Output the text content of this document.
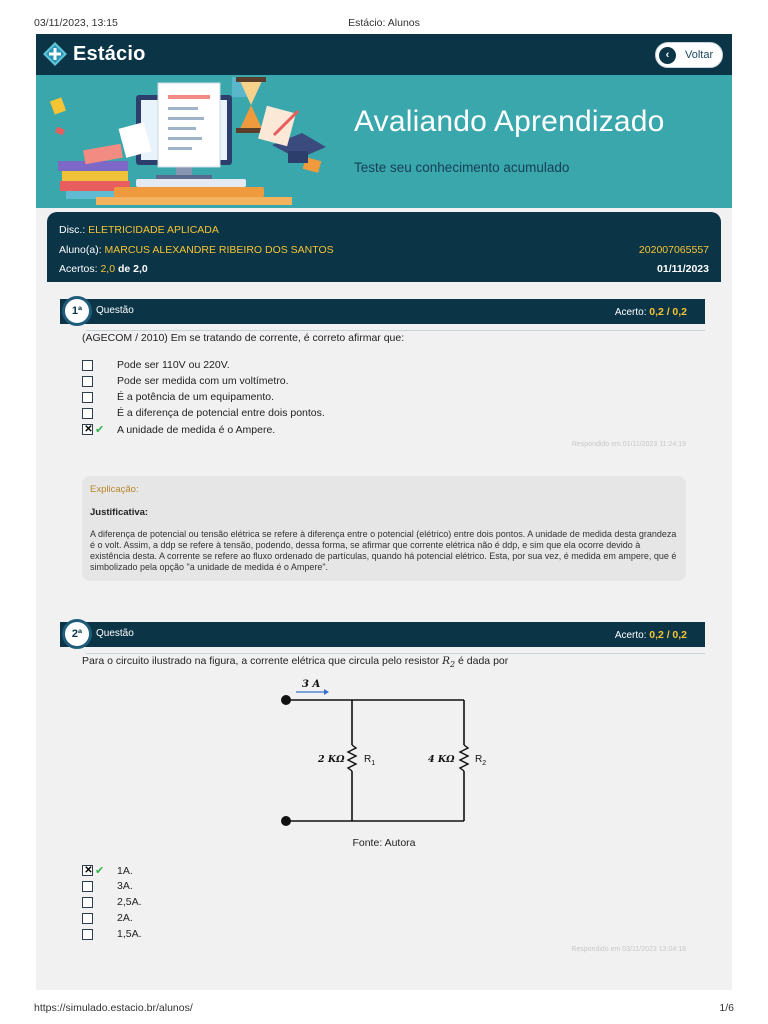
03/11/2023, 13:15	Estácio: Alunos
Estácio	‹	Voltar
Avaliando Aprendizado
Teste seu conhecimento acumulado
Disc.: ELETRICIDADE APLICADA
Aluno(a): MARCUS ALEXANDRE RIBEIRO DOS SANTOS	202007065557
Acertos: 2,0 de 2,0	01/11/2023
Questão	Acerto: 0,2 / 0,2
1ª
(AGECOM / 2010) Em se tratando de corrente, é correto afirmar que:
Pode ser 110V ou 220V.
Pode ser medida com um voltímetro.
É a potência de um equipamento.
É a diferença de potencial entre dois pontos.
✕
✔ A unidade de medida é o Ampere.
Respondido em 01/11/2023 11:24:19
Explicação:
Justificativa:
A diferença de potencial ou tensão elétrica se refere à diferença entre o potencial (elétrico) entre dois pontos. A unidade de medida desta grandeza é o volt. Assim, a ddp se refere à tensão, podendo, dessa forma, se afirmar que corrente elétrica não é ddp, e sim que ela ocorre devido à existência desta. A corrente se refere ao fluxo ordenado de partículas, quando há potencial elétrico. Esta, por sua vez, é medida em ampere, que é simbolizado pela opção "a unidade de medida é o Ampere".
Questão	Acerto: 0,2 / 0,2
2ª
Para o circuito ilustrado na figura, a corrente elétrica que circula pelo resistor $R_2$ é dada por
3 A
2 KΩ $R_1$	4 KΩ $R_2$
Fonte: Autora
✕
✔ 1A.
3A.
2,5A.
2A.
1,5A.
Respondido em 03/11/2023 13:04:18
https://simulado.estacio.br/alunos/	1/6
